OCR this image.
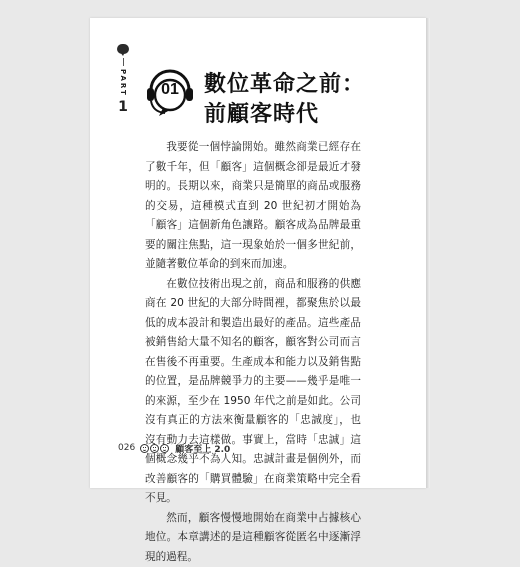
PART
1
01 數位革命之前：
前顧客時代

我要從一個悖論開始。雖然商業已經存在了數千年，但「顧客」這個概念卻是最近才發明的。長期以來，商業只是簡單的商品或服務的交易，這種模式直到 20 世紀初才開始為「顧客」這個新角色讓路。顧客成為品牌最重要的關注焦點，這一現象始於一個多世紀前，並隨著數位革命的到來而加速。

在數位技術出現之前，商品和服務的供應商在 20 世紀的大部分時間裡，都聚焦於以最低的成本設計和製造出最好的產品。這些產品被銷售給大量不知名的顧客，顧客對公司而言在售後不再重要。生產成本和能力以及銷售點的位置，是品牌競爭力的主要——幾乎是唯一的來源，至少在 1950 年代之前是如此。公司沒有真正的方法來衡量顧客的「忠誠度」，也沒有動力去這樣做。事實上，當時「忠誠」這個概念幾乎不為人知。忠誠計畫是個例外，而改善顧客的「購買體驗」在商業策略中完全看不見。

然而，顧客慢慢地開始在商業中占據核心地位。本章講述的是這種顧客從匿名中逐漸浮現的過程。

026	顧客至上 2.0
